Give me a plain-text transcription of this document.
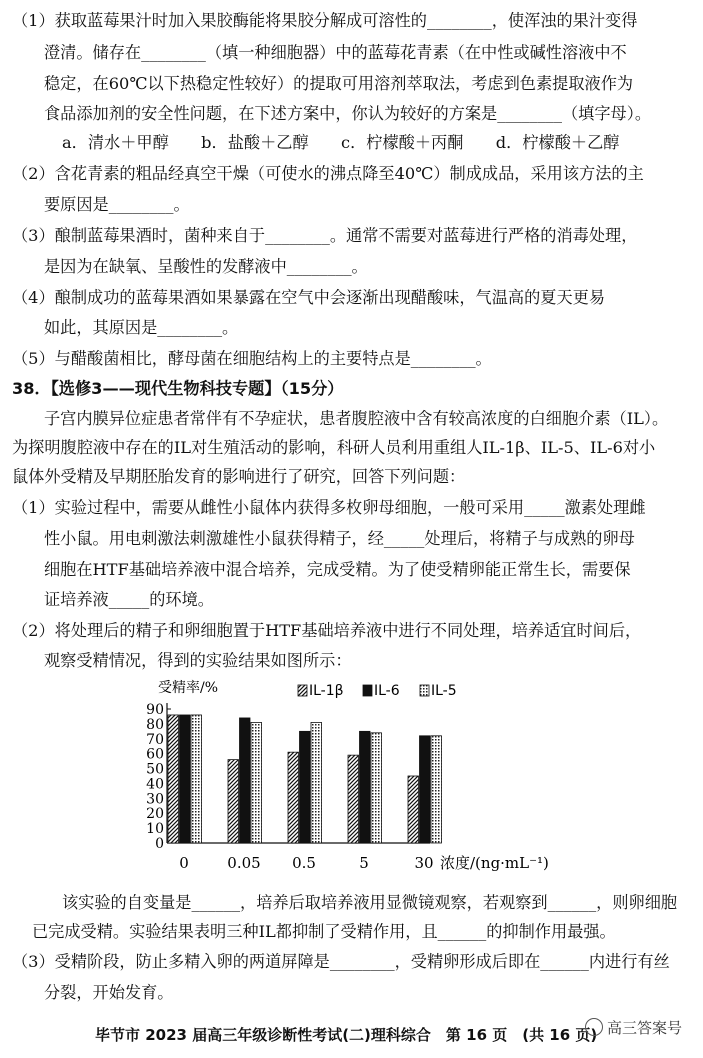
（1）获取蓝莓果汁时加入果胶酶能将果胶分解成可溶性的________，使浑浊的果汁变得
澄清。储存在________（填一种细胞器）中的蓝莓花青素（在中性或碱性溶液中不
稳定，在60℃以下热稳定性较好）的提取可用溶剂萃取法，考虑到色素提取液作为
食品添加剂的安全性问题，在下述方案中，你认为较好的方案是________（填字母）。
a．清水＋甲醇　　b．盐酸＋乙醇　　c．柠檬酸＋丙酮　　d．柠檬酸＋乙醇
（2）含花青素的粗品经真空干燥（可使水的沸点降至40℃）制成成品，采用该方法的主
要原因是________。
（3）酿制蓝莓果酒时，菌种来自于________。通常不需要对蓝莓进行严格的消毒处理，
是因为在缺氧、呈酸性的发酵液中________。
（4）酿制成功的蓝莓果酒如果暴露在空气中会逐渐出现醋酸味，气温高的夏天更易
如此，其原因是________。
（5）与醋酸菌相比，酵母菌在细胞结构上的主要特点是________。
38．【选修3——现代生物科技专题】（15分）
子宫内膜异位症患者常伴有不孕症状，患者腹腔液中含有较高浓度的白细胞介素（IL）。
为探明腹腔液中存在的IL对生殖活动的影响，科研人员利用重组人IL-1β、IL-5、IL-6对小
鼠体外受精及早期胚胎发育的影响进行了研究，回答下列问题：
（1）实验过程中，需要从雌性小鼠体内获得多枚卵母细胞，一般可采用_____激素处理雌
性小鼠。用电刺激法刺激雄性小鼠获得精子，经_____处理后，将精子与成熟的卵母
细胞在HTF基础培养液中混合培养，完成受精。为了使受精卵能正常生长，需要保
证培养液_____的环境。
（2）将处理后的精子和卵细胞置于HTF基础培养液中进行不同处理，培养适宜时间后，
观察受精情况，得到的实验结果如图所示：
该实验的自变量是______，培养后取培养液用显微镜观察，若观察到______，则卵细胞
已完成受精。实验结果表明三种IL都抑制了受精作用，且______的抑制作用最强。
（3）受精阶段，防止多精入卵的两道屏障是________，受精卵形成后即在______内进行有丝
分裂，开始发育。
0
10
20
30
40
50
60
70
80
90
受精率/%
0	0.05 0.5	5	30 浓度/(ng·mL⁻¹)
IL-1β IL-6 IL-5
毕节市 2023 届高三年级诊断性考试(二)理科综合　第 16 页　(共 16 页) 高三答案号
